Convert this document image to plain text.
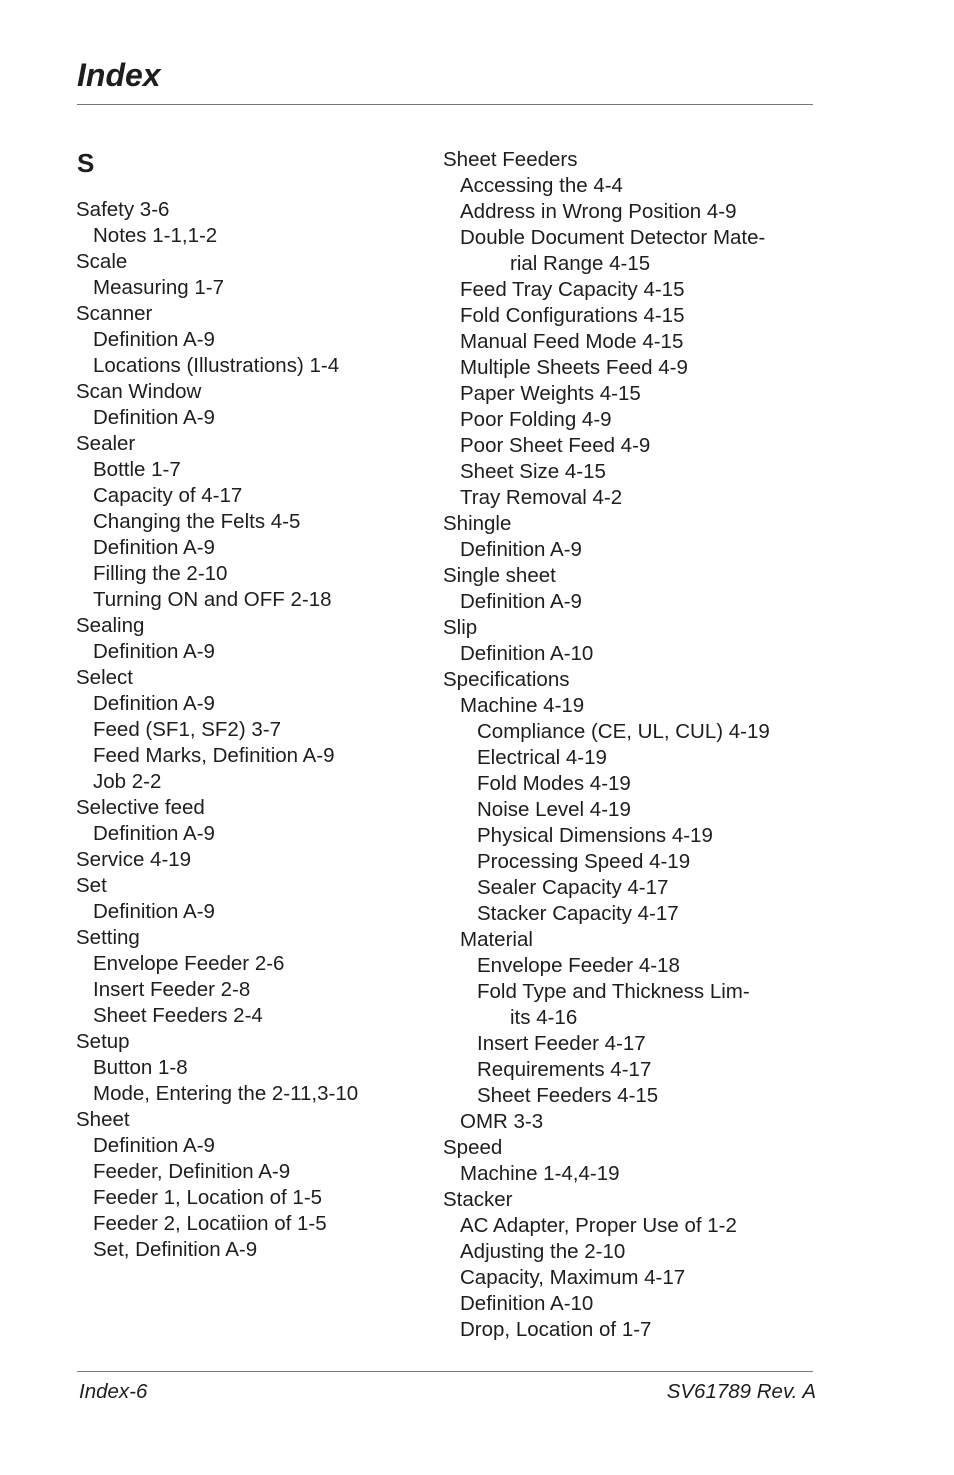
Index
S
Safety 3-6
Notes 1-1,1-2
Scale
Measuring 1-7
Scanner
Definition A-9
Locations (Illustrations) 1-4
Scan Window
Definition A-9
Sealer
Bottle 1-7
Capacity of 4-17
Changing the Felts 4-5
Definition A-9
Filling the 2-10
Turning ON and OFF 2-18
Sealing
Definition A-9
Select
Definition A-9
Feed (SF1, SF2) 3-7
Feed Marks, Definition A-9
Job 2-2
Selective feed
Definition A-9
Service 4-19
Set
Definition A-9
Setting
Envelope Feeder 2-6
Insert Feeder 2-8
Sheet Feeders 2-4
Setup
Button 1-8
Mode, Entering the 2-11,3-10
Sheet
Definition A-9
Feeder, Definition A-9
Feeder 1, Location of 1-5
Feeder 2, Locatiion of 1-5
Set, Definition A-9
Sheet Feeders
Accessing the 4-4
Address in Wrong Position 4-9
Double Document Detector Mate-
rial Range 4-15
Feed Tray Capacity 4-15
Fold Configurations 4-15
Manual Feed Mode 4-15
Multiple Sheets Feed 4-9
Paper Weights 4-15
Poor Folding 4-9
Poor Sheet Feed 4-9
Sheet Size 4-15
Tray Removal 4-2
Shingle
Definition A-9
Single sheet
Definition A-9
Slip
Definition A-10
Specifications
Machine 4-19
Compliance (CE, UL, CUL) 4-19
Electrical 4-19
Fold Modes 4-19
Noise Level 4-19
Physical Dimensions 4-19
Processing Speed 4-19
Sealer Capacity 4-17
Stacker Capacity 4-17
Material
Envelope Feeder 4-18
Fold Type and Thickness Lim-
its 4-16
Insert Feeder 4-17
Requirements 4-17
Sheet Feeders 4-15
OMR 3-3
Speed
Machine 1-4,4-19
Stacker
AC Adapter, Proper Use of 1-2
Adjusting the 2-10
Capacity, Maximum 4-17
Definition A-10
Drop, Location of 1-7
Index-6	SV61789 Rev. A
